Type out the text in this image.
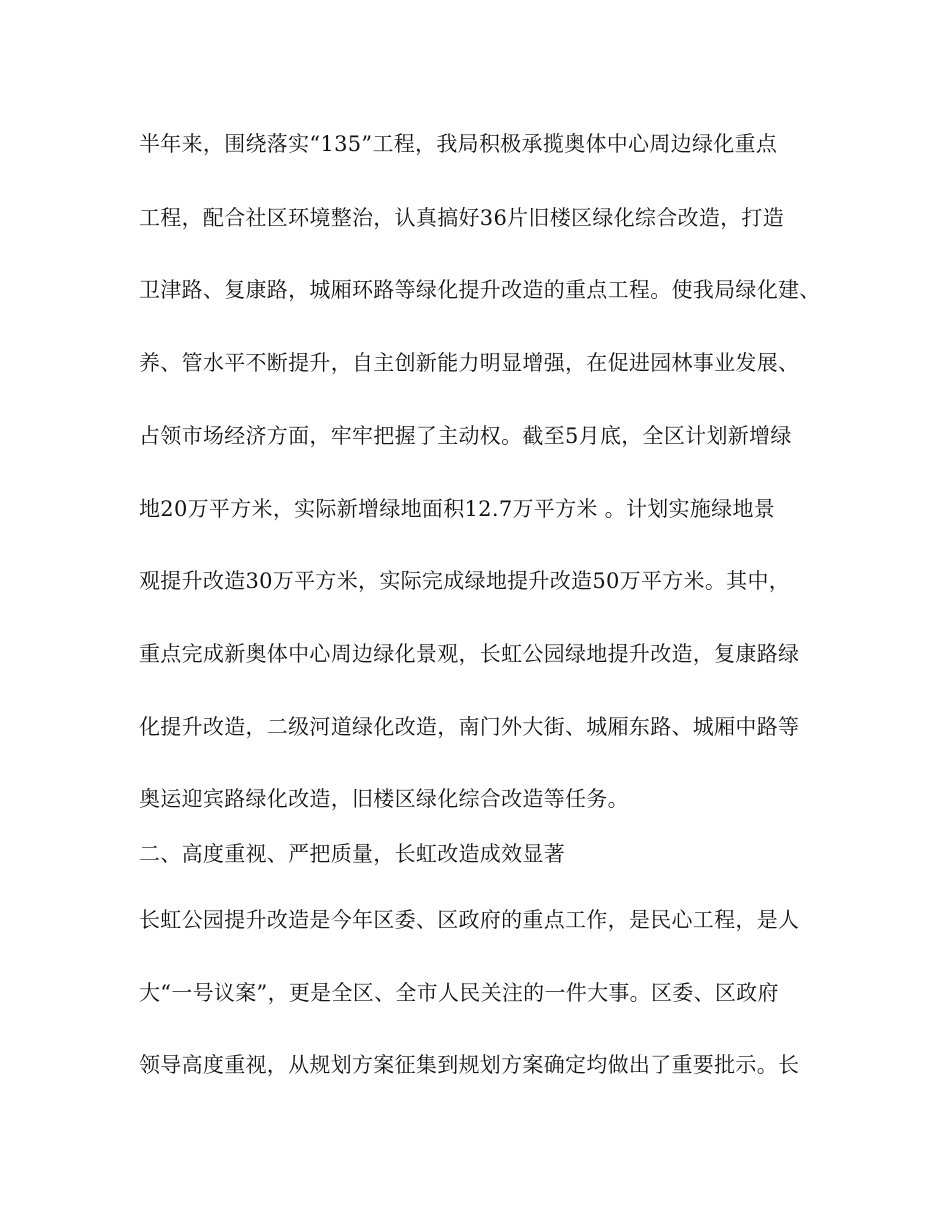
半年来，围绕落实“135”工程，我局积极承揽奥体中心周边绿化重点

工程，配合社区环境整治，认真搞好36片旧楼区绿化综合改造，打造

卫津路、复康路，城厢环路等绿化提升改造的重点工程。使我局绿化建、

养、管水平不断提升，自主创新能力明显增强，在促进园林事业发展、

占领市场经济方面，牢牢把握了主动权。截至5月底，全区计划新增绿

地20万平方米，实际新增绿地面积12.7万平方米 。计划实施绿地景

观提升改造30万平方米，实际完成绿地提升改造50万平方米。其中，

重点完成新奥体中心周边绿化景观，长虹公园绿地提升改造，复康路绿

化提升改造，二级河道绿化改造，南门外大街、城厢东路、城厢中路等

奥运迎宾路绿化改造，旧楼区绿化综合改造等任务。

二、高度重视、严把质量，长虹改造成效显著

长虹公园提升改造是今年区委、区政府的重点工作，是民心工程，是人

大“一号议案”，更是全区、全市人民关注的一件大事。区委、区政府

领导高度重视，从规划方案征集到规划方案确定均做出了重要批示。长
